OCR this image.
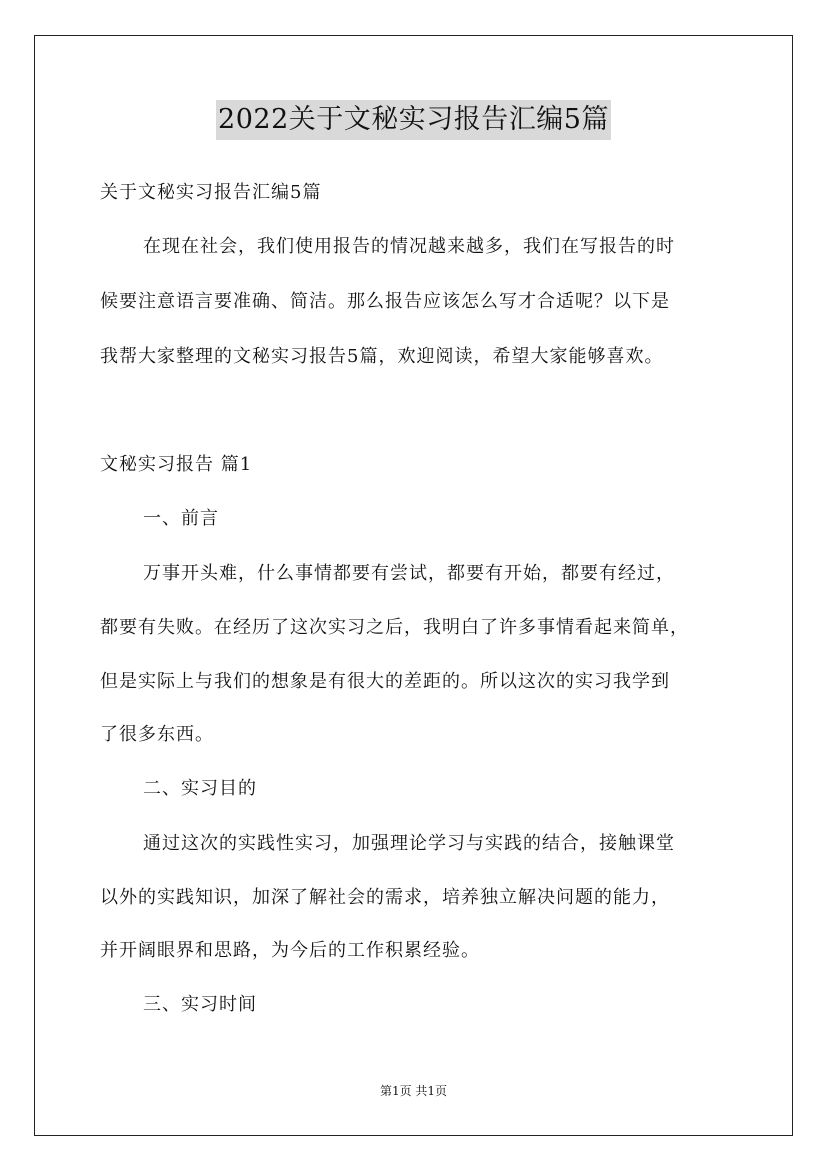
2022关于文秘实习报告汇编5篇
关于文秘实习报告汇编5篇
在现在社会，我们使用报告的情况越来越多，我们在写报告的时
候要注意语言要准确、简洁。那么报告应该怎么写才合适呢？以下是
我帮大家整理的文秘实习报告5篇，欢迎阅读，希望大家能够喜欢。
文秘实习报告 篇1
一、前言
万事开头难，什么事情都要有尝试，都要有开始，都要有经过，
都要有失败。在经历了这次实习之后，我明白了许多事情看起来简单，
但是实际上与我们的想象是有很大的差距的。所以这次的实习我学到
了很多东西。
二、实习目的
通过这次的实践性实习，加强理论学习与实践的结合，接触课堂
以外的实践知识，加深了解社会的需求，培养独立解决问题的能力，
并开阔眼界和思路，为今后的工作积累经验。
三、实习时间
第1页 共1页
